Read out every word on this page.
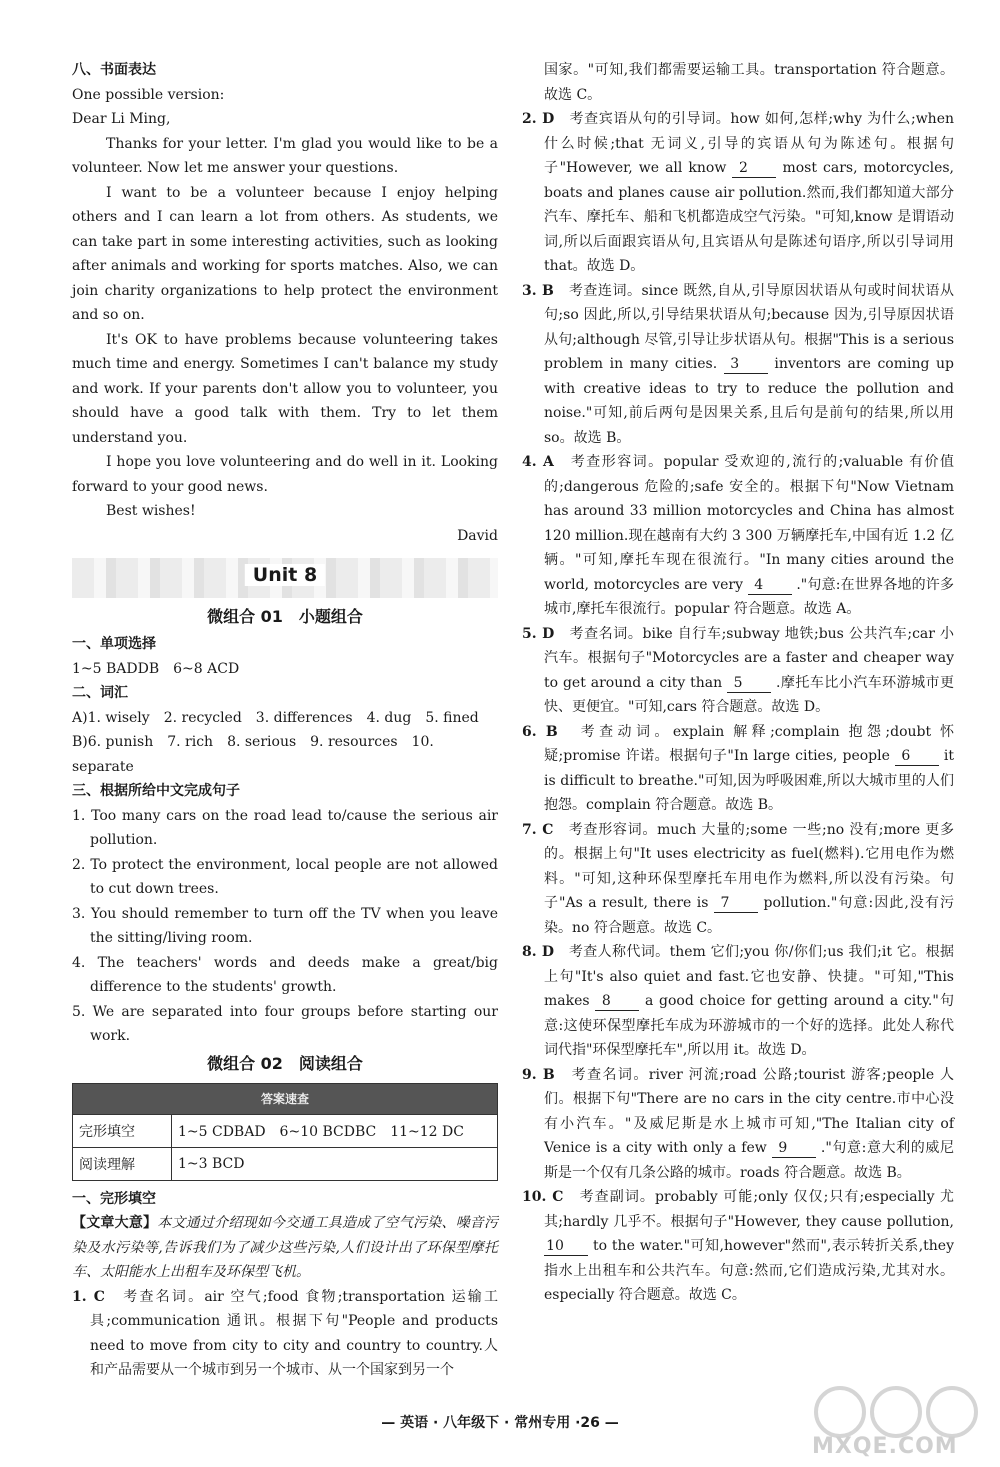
八、书面表达
One possible version:
Dear Li Ming,
Thanks for your letter. I'm glad you would like to be a volunteer. Now let me answer your questions.
I want to be a volunteer because I enjoy helping others and I can learn a lot from others. As students, we can take part in some interesting activities, such as looking after animals and working for sports matches. Also, we can join charity organizations to help protect the environment and so on.
It's OK to have problems because volunteering takes much time and energy. Sometimes I can't balance my study and work. If your parents don't allow you to volunteer, you should have a good talk with them. Try to let them understand you.
I hope you love volunteering and do well in it. Looking forward to your good news.
Best wishes!
David
Unit 8
微组合 01　小题组合
一、单项选择
1~5 BADDB　6~8 ACD
二、词汇
A)1. wisely　2. recycled　3. differences　4. dug　5. fined
B)6. punish　7. rich　8. serious　9. resources　10. separate
三、根据所给中文完成句子
1. Too many cars on the road lead to/cause the serious air pollution.
2. To protect the environment, local people are not allowed to cut down trees.
3. You should remember to turn off the TV when you leave the sitting/living room.
4. The teachers' words and deeds make a great/big difference to the students' growth.
5. We are separated into four groups before starting our work.
微组合 02　阅读组合
答案速查	
完形填空	1~5 CDBAD　6~10 BCDBC　11~12 DC
阅读理解	1~3 BCD
一、完形填空
【文章大意】本文通过介绍现如今交通工具造成了空气污染、噪音污染及水污染等,告诉我们为了减少这些污染,人们设计出了环保型摩托车、太阳能水上出租车及环保型飞机。
1. C　 考查名词。air 空气;food 食物;transportation 运输工具;communication 通讯。根据下句"People and products need to move from city to city and country to country.人和产品需要从一个城市到另一个城市、从一个国家到另一个
国家。"可知,我们都需要运输工具。transportation 符合题意。故选 C。
2. D　 考查宾语从句的引导词。how 如何,怎样;why 为什么;when 什么时候;that 无词义,引导的宾语从句为陈述句。根据句子"However, we all know 2 most cars, motorcycles, boats and planes cause air pollution.然而,我们都知道大部分汽车、摩托车、船和飞机都造成空气污染。"可知,know 是谓语动词,所以后面跟宾语从句,且宾语从句是陈述句语序,所以引导词用 that。故选 D。
3. B　 考查连词。since 既然,自从,引导原因状语从句或时间状语从句;so 因此,所以,引导结果状语从句;because 因为,引导原因状语从句;although 尽管,引导让步状语从句。根据"This is a serious problem in many cities. 3	inventors are coming up with creative ideas to try to reduce the pollution and noise."可知,前后两句是因果关系,且后句是前句的结果,所以用 so。故选 B。
4. A　 考查形容词。popular 受欢迎的,流行的;valuable 有价值的;dangerous 危险的;safe 安全的。根据下句"Now Vietnam has around 33 million motorcycles and China has almost 120 million.现在越南有大约 3 300 万辆摩托车,中国有近 1.2 亿辆。"可知,摩托车现在很流行。"In many cities around the world, motorcycles are very 4 ."句意:在世界各地的许多城市,摩托车很流行。popular 符合题意。故选 A。
5. D　 考查名词。bike 自行车;subway 地铁;bus 公共汽车;car 小汽车。根据句子"Motorcycles are a faster and cheaper way to get around a city than 5 .摩托车比小汽车环游城市更快、更便宜。"可知,cars 符合题意。故选 D。
6. B　 考查动词。explain 解释;complain 抱怨;doubt 怀疑;promise 许诺。根据句子"In large cities, people 6 it is difficult to breathe."可知,因为呼吸困难,所以大城市里的人们抱怨。complain 符合题意。故选 B。
7. C　 考查形容词。much 大量的;some 一些;no 没有;more 更多的。根据上句"It uses electricity as fuel(燃料).它用电作为燃料。"可知,这种环保型摩托车用电作为燃料,所以没有污染。句子"As a result, there is 7 pollution."句意:因此,没有污染。no 符合题意。故选 C。
8. D　 考查人称代词。them 它们;you 你/你们;us 我们;it 它。根据上句"It's also quiet and fast.它也安静、快捷。"可知,"This makes 8 a good choice for getting around a city."句意:这使环保型摩托车成为环游城市的一个好的选择。此处人称代词代指"环保型摩托车",所以用 it。故选 D。
9. B　 考查名词。river 河流;road 公路;tourist 游客;people 人们。根据下句"There are no cars in the city centre.市中心没有小汽车。"及威尼斯是水上城市可知,"The Italian city of Venice is a city with only a few 9 ."句意:意大利的威尼斯是一个仅有几条公路的城市。roads 符合题意。故选 B。
10. C　 考查副词。probably 可能;only 仅仅;只有;especially 尤其;hardly 几乎不。根据句子"However, they cause pollution, 10 to the water."可知,however"然而",表示转折关系,they 指水上出租车和公共汽车。句意:然而,它们造成污染,尤其对水。especially 符合题意。故选 C。
— 英语 · 八年级下 · 常州专用 ·26 —
MXQE.COM
